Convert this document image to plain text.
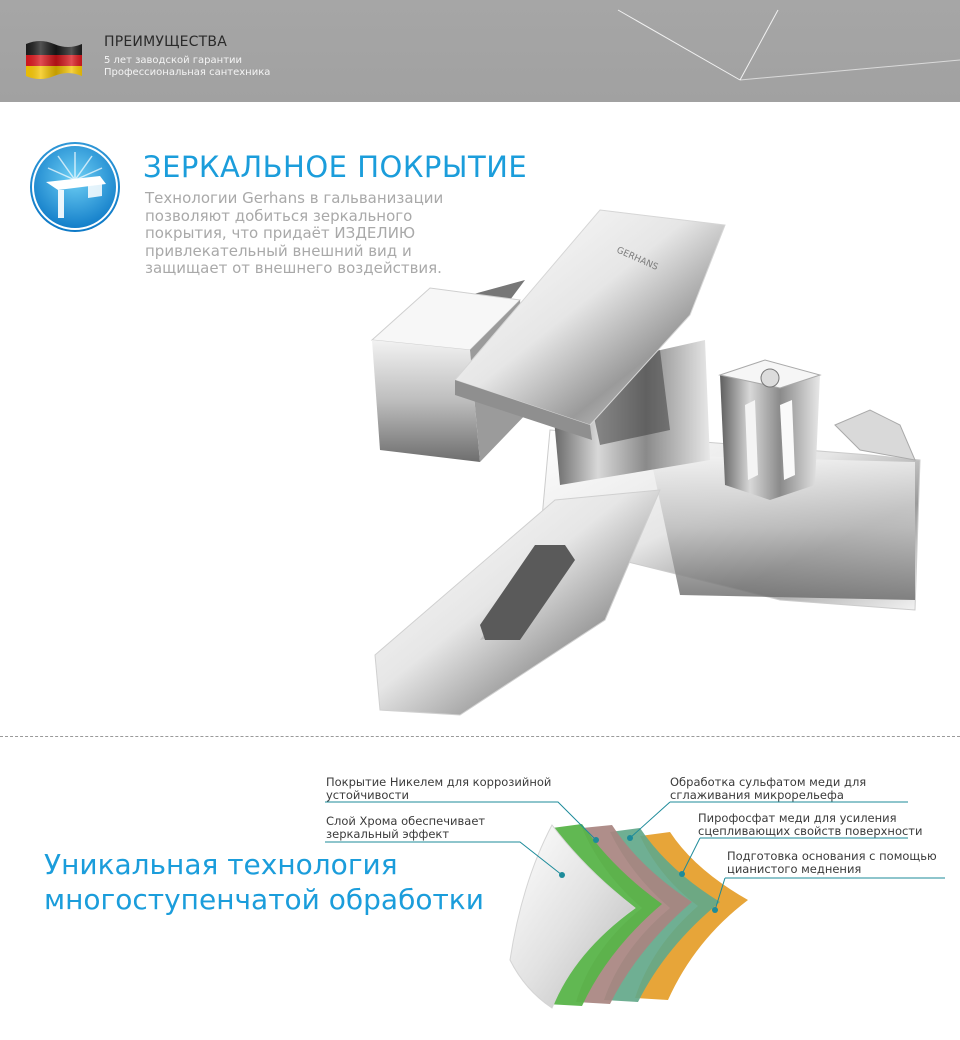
ПРЕИМУЩЕСТВА
5 лет заводской гарантии
Профессиональная сантехника
ЗЕРКАЛЬНОЕ ПОКРЫТИЕ
Технологии Gerhans в гальванизации
позволяют добиться зеркального
покрытия, что придаёт ИЗДЕЛИЮ
привлекательный внешний вид и
защищает от внешнего воздействия.	GERHANS
Уникальная технология
многоступенчатой обработки
Покрытие Никелем для коррозийной
устойчивости
Слой Хрома обеспечивает
зеркальный эффект
Обработка сульфатом меди для
сглаживания микрорельефа
Пирофосфат меди для усиления
сцепливающих свойств поверхности
Подготовка основания с помощью
цианистого меднения
